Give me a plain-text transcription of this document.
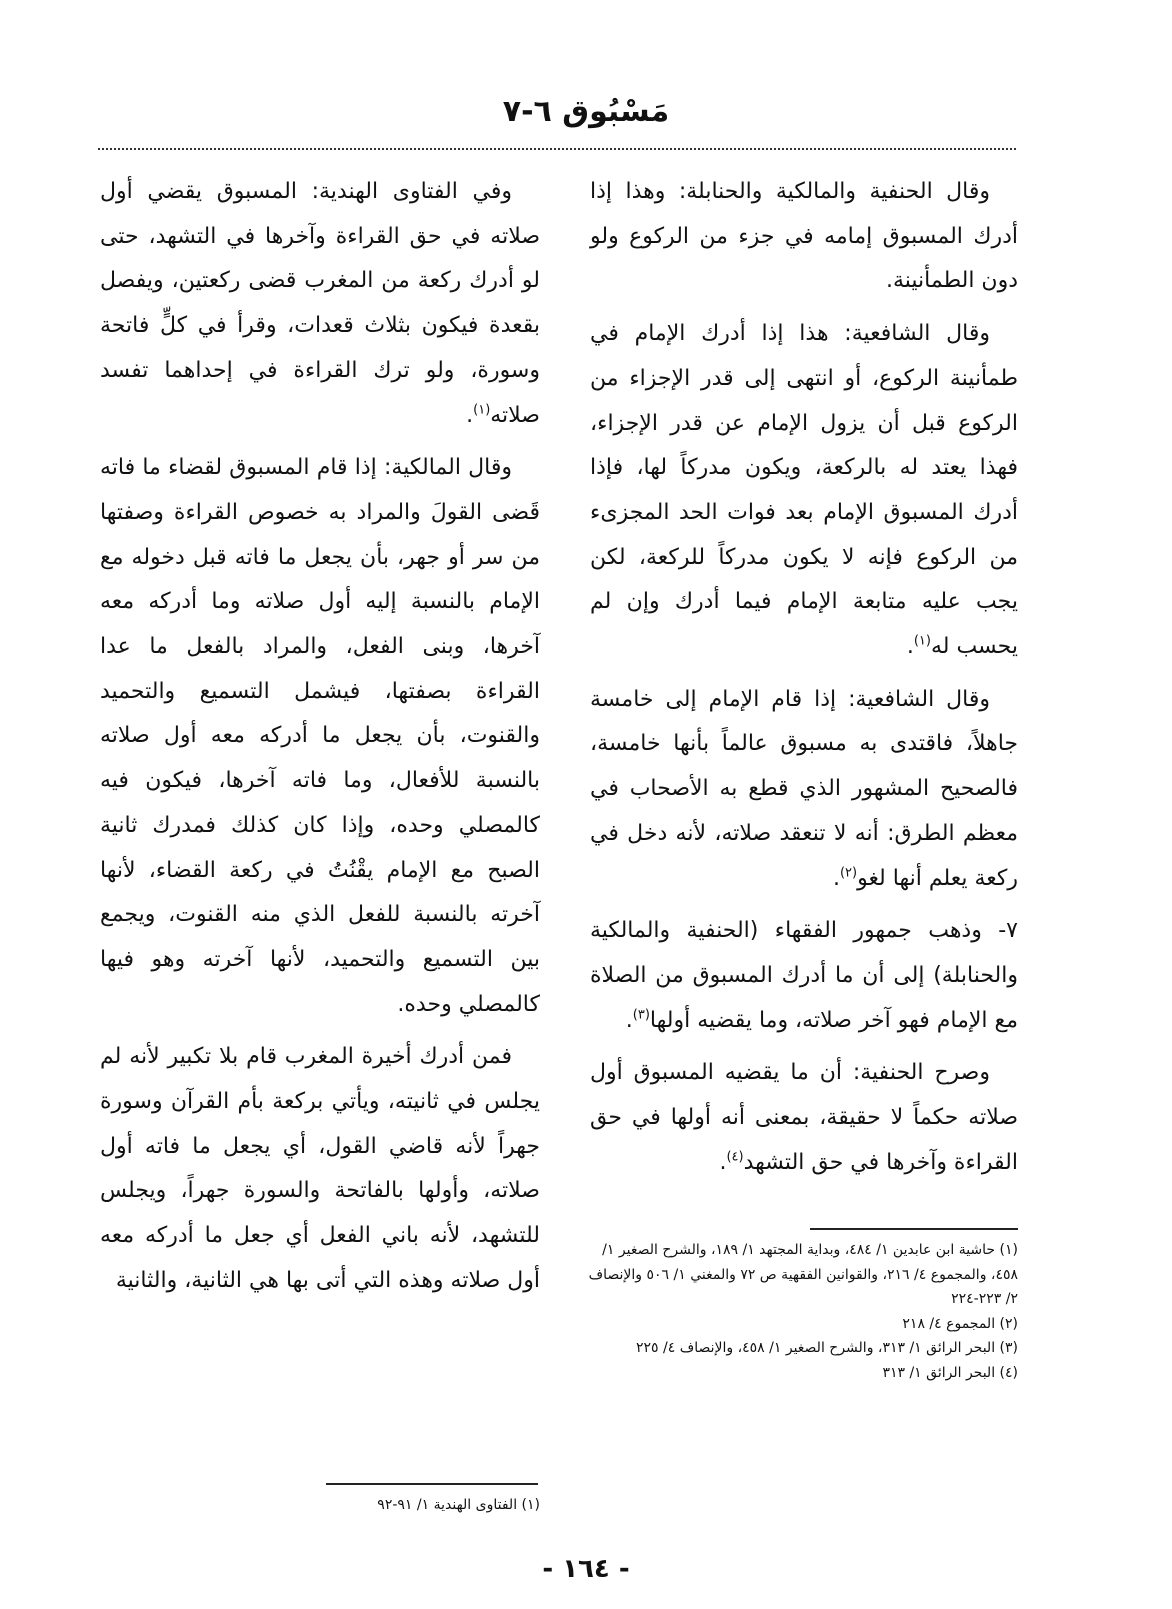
مَسْبُوق ٦-٧

وقال الحنفية والمالكية والحنابلة: وهذا إذا أدرك المسبوق إمامه في جزء من الركوع ولو دون الطمأنينة.

وقال الشافعية: هذا إذا أدرك الإمام في طمأنينة الركوع، أو انتهى إلى قدر الإجزاء من الركوع قبل أن يزول الإمام عن قدر الإجزاء، فهذا يعتد له بالركعة، ويكون مدركاً لها، فإذا أدرك المسبوق الإمام بعد فوات الحد المجزىء من الركوع فإنه لا يكون مدركاً للركعة، لكن يجب عليه متابعة الإمام فيما أدرك وإن لم يحسب له$^{(١)}$.

وقال الشافعية: إذا قام الإمام إلى خامسة جاهلاً، فاقتدى به مسبوق عالماً بأنها خامسة، فالصحيح المشهور الذي قطع به الأصحاب في معظم الطرق: أنه لا تنعقد صلاته، لأنه دخل في ركعة يعلم أنها لغو$^{(٢)}$.

٧- وذهب جمهور الفقهاء (الحنفية والمالكية والحنابلة) إلى أن ما أدرك المسبوق من الصلاة مع الإمام فهو آخر صلاته، وما يقضيه أولها$^{(٣)}$.

وصرح الحنفية: أن ما يقضيه المسبوق أول صلاته حكماً لا حقيقة، بمعنى أنه أولها في حق القراءة وآخرها في حق التشهد$^{(٤)}$.

(١) حاشية ابن عابدين ١/ ٤٨٤، وبداية المجتهد ١/ ١٨٩، والشرح الصغير ١/ ٤٥٨، والمجموع ٤/ ٢١٦، والقوانين الفقهية ص ٧٢ والمغني ١/ ٥٠٦ والإنصاف ٢/ ٢٢٣-٢٢٤

(٢) المجموع ٤/ ٢١٨

(٣) البحر الرائق ١/ ٣١٣، والشرح الصغير ١/ ٤٥٨، والإنصاف ٤/ ٢٢٥

(٤) البحر الرائق ١/ ٣١٣

وفي الفتاوى الهندية: المسبوق يقضي أول صلاته في حق القراءة وآخرها في التشهد، حتى لو أدرك ركعة من المغرب قضى ركعتين، ويفصل بقعدة فيكون بثلاث قعدات، وقرأ في كلٍّ فاتحة وسورة، ولو ترك القراءة في إحداهما تفسد صلاته$^{(١)}$.

وقال المالكية: إذا قام المسبوق لقضاء ما فاته قَضى القولَ والمراد به خصوص القراءة وصفتها من سر أو جهر، بأن يجعل ما فاته قبل دخوله مع الإمام بالنسبة إليه أول صلاته وما أدركه معه آخرها، وبنى الفعل، والمراد بالفعل ما عدا القراءة بصفتها، فيشمل التسميع والتحميد والقنوت، بأن يجعل ما أدركه معه أول صلاته بالنسبة للأفعال، وما فاته آخرها، فيكون فيه كالمصلي وحده، وإذا كان كذلك فمدرك ثانية الصبح مع الإمام يقْنُتُ في ركعة القضاء، لأنها آخرته بالنسبة للفعل الذي منه القنوت، ويجمع بين التسميع والتحميد، لأنها آخرته وهو فيها كالمصلي وحده.

فمن أدرك أخيرة المغرب قام بلا تكبير لأنه لم يجلس في ثانيته، ويأتي بركعة بأم القرآن وسورة جهراً لأنه قاضي القول، أي يجعل ما فاته أول صلاته، وأولها بالفاتحة والسورة جهراً، ويجلس للتشهد، لأنه باني الفعل أي جعل ما أدركه معه أول صلاته وهذه التي أتى بها هي الثانية، والثانية

(١) الفتاوى الهندية ١/ ٩١-٩٢

- ١٦٤ -
